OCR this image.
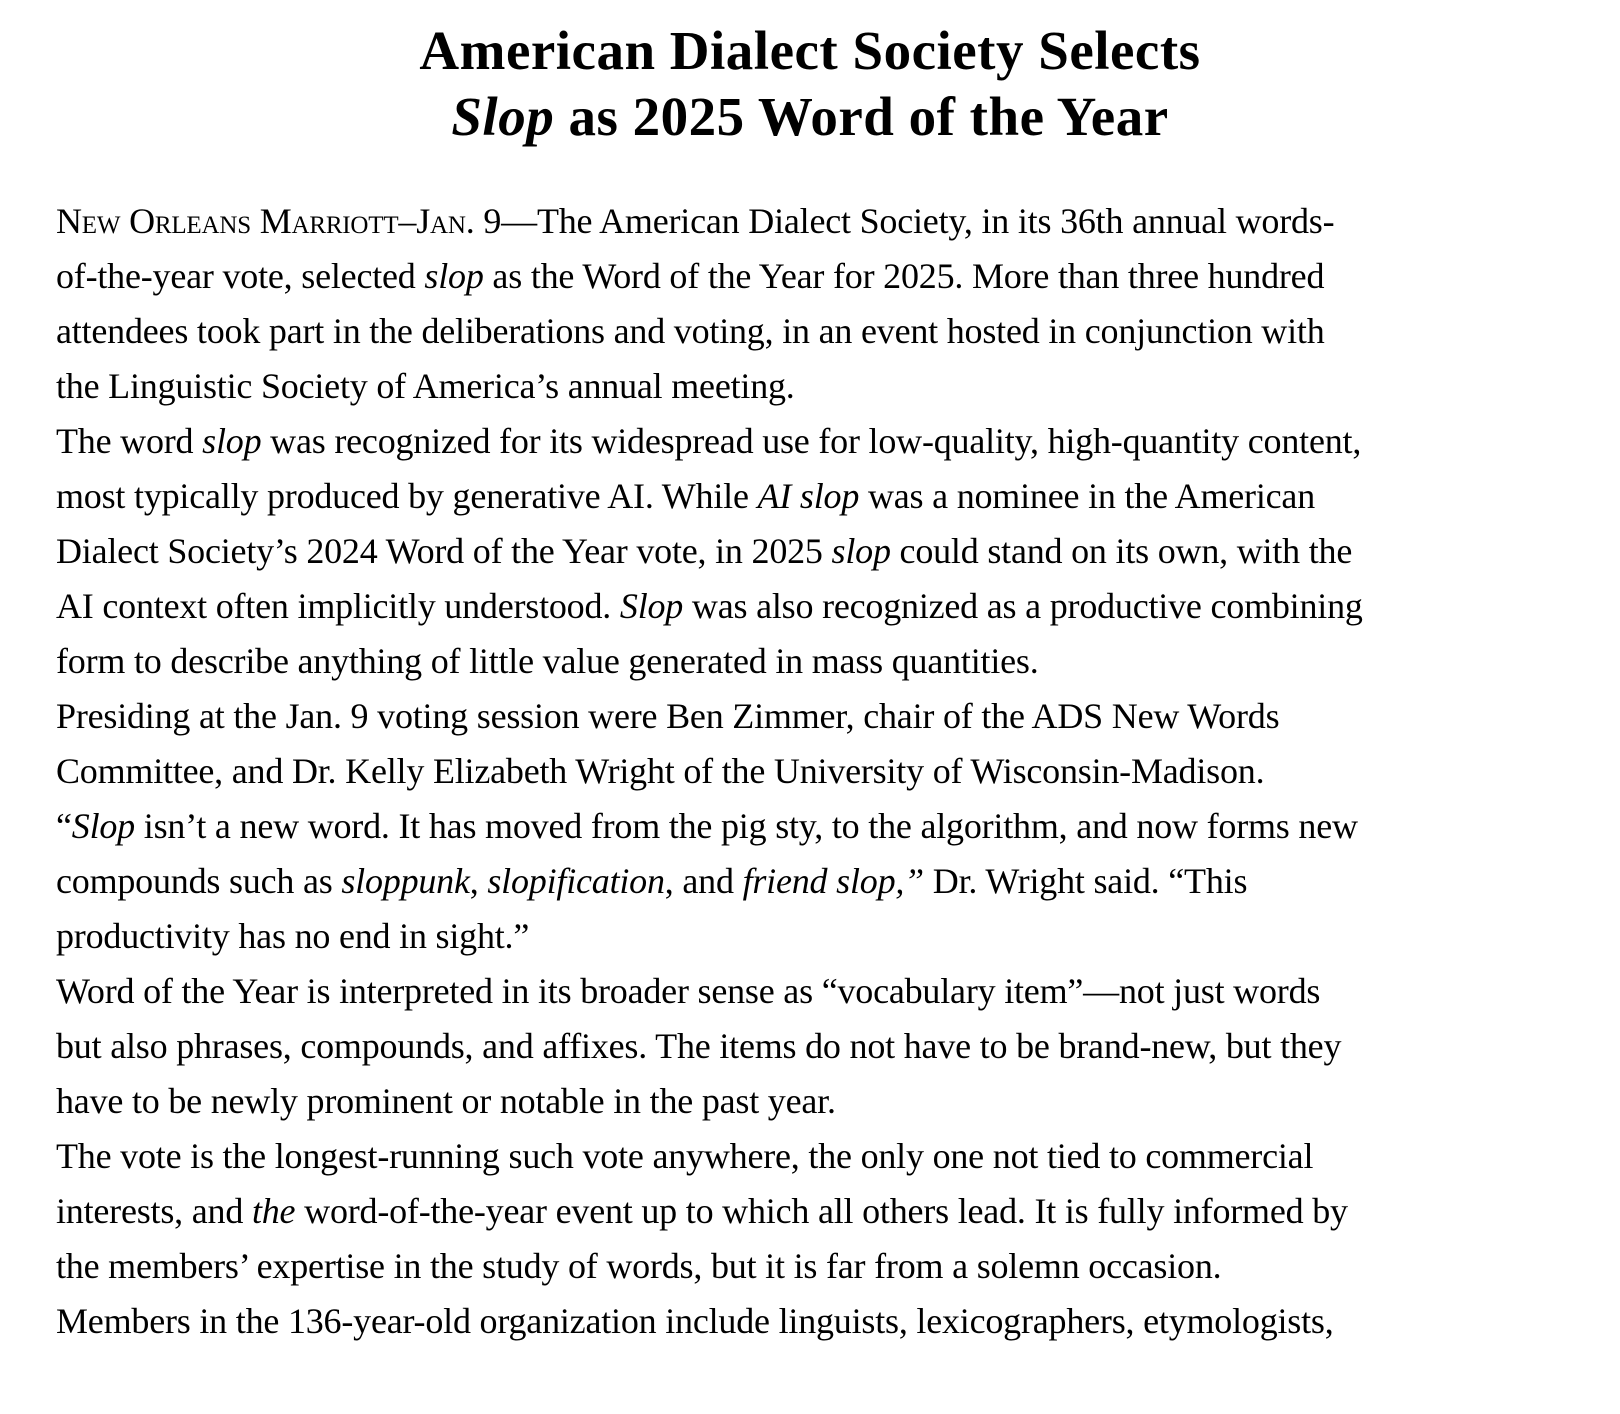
American Dialect Society Selects
Slop as 2025 Word of the Year
New Orleans Marriott–Jan. 9—The American Dialect Society, in its 36th annual words-
of-the-year vote, selected slop as the Word of the Year for 2025. More than three hundred
attendees took part in the deliberations and voting, in an event hosted in conjunction with
the Linguistic Society of America’s annual meeting.
The word slop was recognized for its widespread use for low-quality, high-quantity content,
most typically produced by generative AI. While AI slop was a nominee in the American
Dialect Society’s 2024 Word of the Year vote, in 2025 slop could stand on its own, with the
AI context often implicitly understood. Slop was also recognized as a productive combining
form to describe anything of little value generated in mass quantities.
Presiding at the Jan. 9 voting session were Ben Zimmer, chair of the ADS New Words
Committee, and Dr. Kelly Elizabeth Wright of the University of Wisconsin-Madison.
“Slop isn’t a new word. It has moved from the pig sty, to the algorithm, and now forms new
compounds such as sloppunk, slopification, and friend slop,” Dr. Wright said. “This
productivity has no end in sight.”
Word of the Year is interpreted in its broader sense as “vocabulary item”—not just words
but also phrases, compounds, and affixes. The items do not have to be brand-new, but they
have to be newly prominent or notable in the past year.
The vote is the longest-running such vote anywhere, the only one not tied to commercial
interests, and the word-of-the-year event up to which all others lead. It is fully informed by
the members’ expertise in the study of words, but it is far from a solemn occasion.
Members in the 136-year-old organization include linguists, lexicographers, etymologists,
